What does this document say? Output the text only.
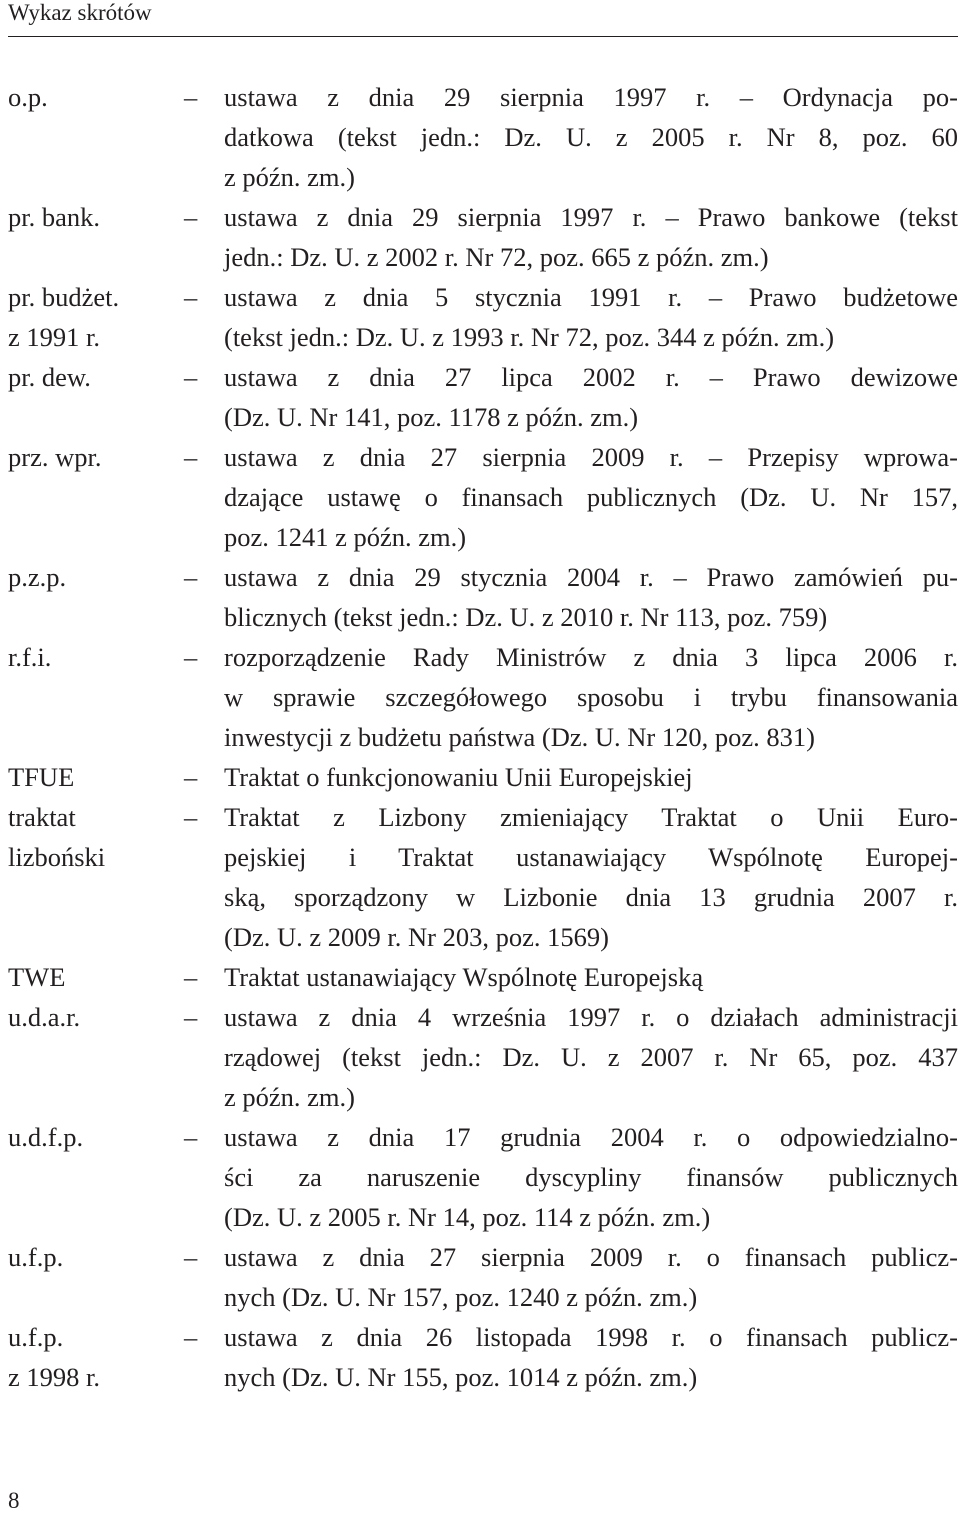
Wykaz skrótów
o.p.	–	ustawa z dnia 29 sierpnia 1997 r. – Ordynacja po-
datkowa (tekst jedn.: Dz. U. z 2005 r. Nr 8, poz. 60
z późn. zm.)
pr. bank.	–	ustawa z dnia 29 sierpnia 1997 r. – Prawo bankowe (tekst
jedn.: Dz. U. z 2002 r. Nr 72, poz. 665 z późn. zm.)
pr. budżet.
z 1991 r.
–	ustawa z dnia 5 stycznia 1991 r. – Prawo budżetowe
(tekst jedn.: Dz. U. z 1993 r. Nr 72, poz. 344 z późn. zm.)
pr. dew.	–	ustawa z dnia 27 lipca 2002 r. – Prawo dewizowe
(Dz. U. Nr 141, poz. 1178 z późn. zm.)
prz. wpr.	–	ustawa z dnia 27 sierpnia 2009 r. – Przepisy wprowa-
dzające ustawę o finansach publicznych (Dz. U. Nr 157,
poz. 1241 z późn. zm.)
p.z.p.	–	ustawa z dnia 29 stycznia 2004 r. – Prawo zamówień pu-
blicznych (tekst jedn.: Dz. U. z 2010 r. Nr 113, poz. 759)
r.f.i.	–	rozporządzenie Rady Ministrów z dnia 3 lipca 2006 r.
w sprawie szczegółowego sposobu i trybu finansowania
inwestycji z budżetu państwa (Dz. U. Nr 120, poz. 831)
TFUE	–	Traktat o funkcjonowaniu Unii Europejskiej
traktat
lizboński
–	Traktat z Lizbony zmieniający Traktat o Unii Euro-
pejskiej i Traktat ustanawiający Wspólnotę Europej-
ską, sporządzony w Lizbonie dnia 13 grudnia 2007 r.
(Dz. U. z 2009 r. Nr 203, poz. 1569)
TWE	–	Traktat ustanawiający Wspólnotę Europejską
u.d.a.r.	–	ustawa z dnia 4 września 1997 r. o działach administracji
rządowej (tekst jedn.: Dz. U. z 2007 r. Nr 65, poz. 437
z późn. zm.)
u.d.f.p.	–	ustawa z dnia 17 grudnia 2004 r. o odpowiedzialno-
ści za naruszenie dyscypliny finansów publicznych
(Dz. U. z 2005 r. Nr 14, poz. 114 z późn. zm.)
u.f.p.	–	ustawa z dnia 27 sierpnia 2009 r. o finansach publicz-
nych (Dz. U. Nr 157, poz. 1240 z późn. zm.)
u.f.p.
z 1998 r.
–	ustawa z dnia 26 listopada 1998 r. o finansach publicz-
nych (Dz. U. Nr 155, poz. 1014 z późn. zm.)
8
